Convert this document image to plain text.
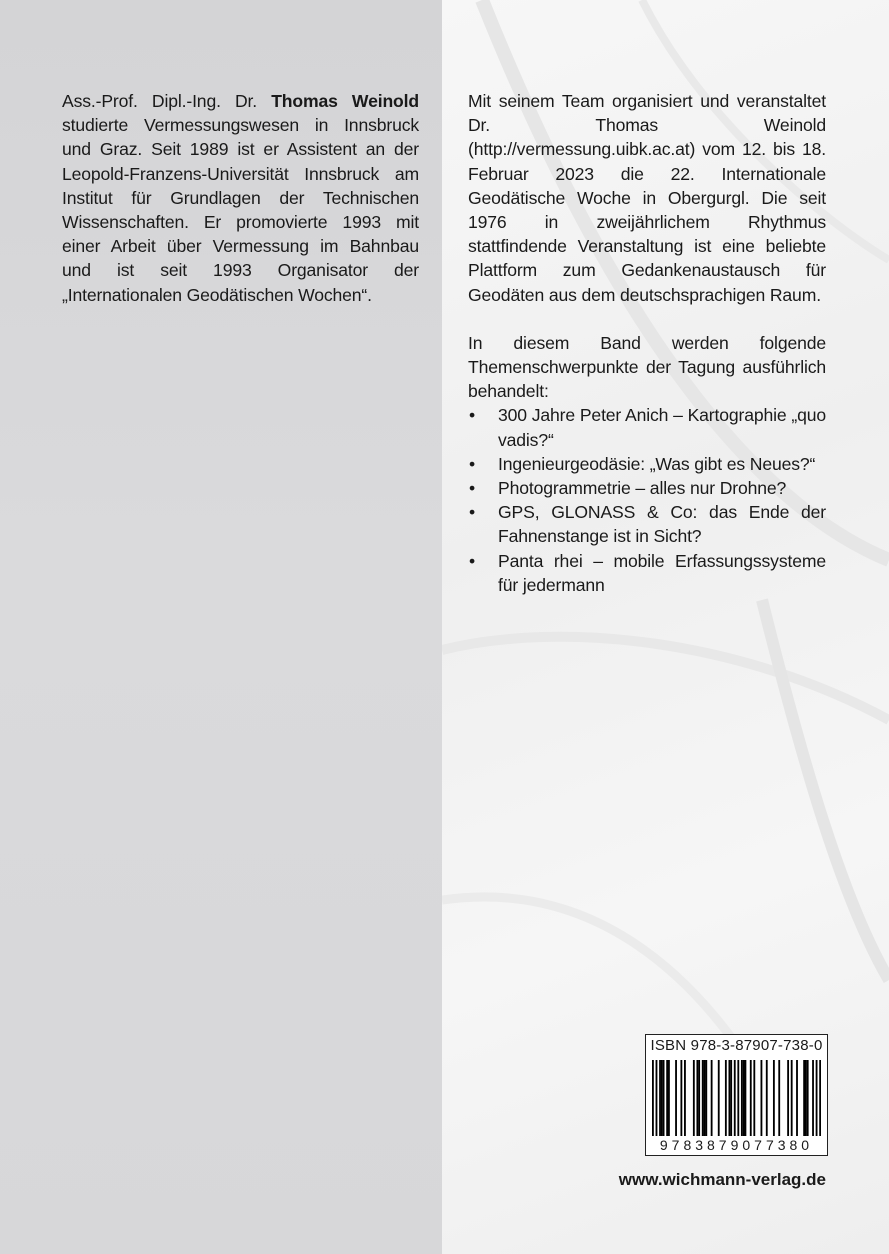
Ass.-Prof. Dipl.-Ing. Dr. Thomas Weinold studierte Vermessungswesen in Innsbruck und Graz. Seit 1989 ist er Assistent an der Leopold-Franzens-Universität Innsbruck am Institut für Grundlagen der Technischen Wissenschaften. Er promovierte 1993 mit einer Arbeit über Vermessung im Bahnbau und ist seit 1993 Organisator der „Internationalen Geodätischen Wochen“.

Mit seinem Team organisiert und veranstaltet Dr. Thomas Weinold (http://vermessung.uibk.ac.at) vom 12. bis 18. Februar 2023 die 22. Internationale Geodätische Woche in Obergurgl. Die seit 1976 in zweijährlichem Rhythmus stattfindende Veranstaltung ist eine beliebte Plattform zum Gedankenaustausch für Geodäten aus dem deutschsprachigen Raum.

In diesem Band werden folgende Themenschwerpunkte der Tagung ausführlich behandelt:

• 300 Jahre Peter Anich – Kartographie „quo vadis?“
• Ingenieurgeodäsie: „Was gibt es Neues?“
• Photogrammetrie – alles nur Drohne?
• GPS, GLONASS & Co: das Ende der Fahnenstange ist in Sicht?
• Panta rhei – mobile Erfassungssysteme für jedermann
ISBN 978-3-87907-738-0
9783879077380
www.wichmann-verlag.de
